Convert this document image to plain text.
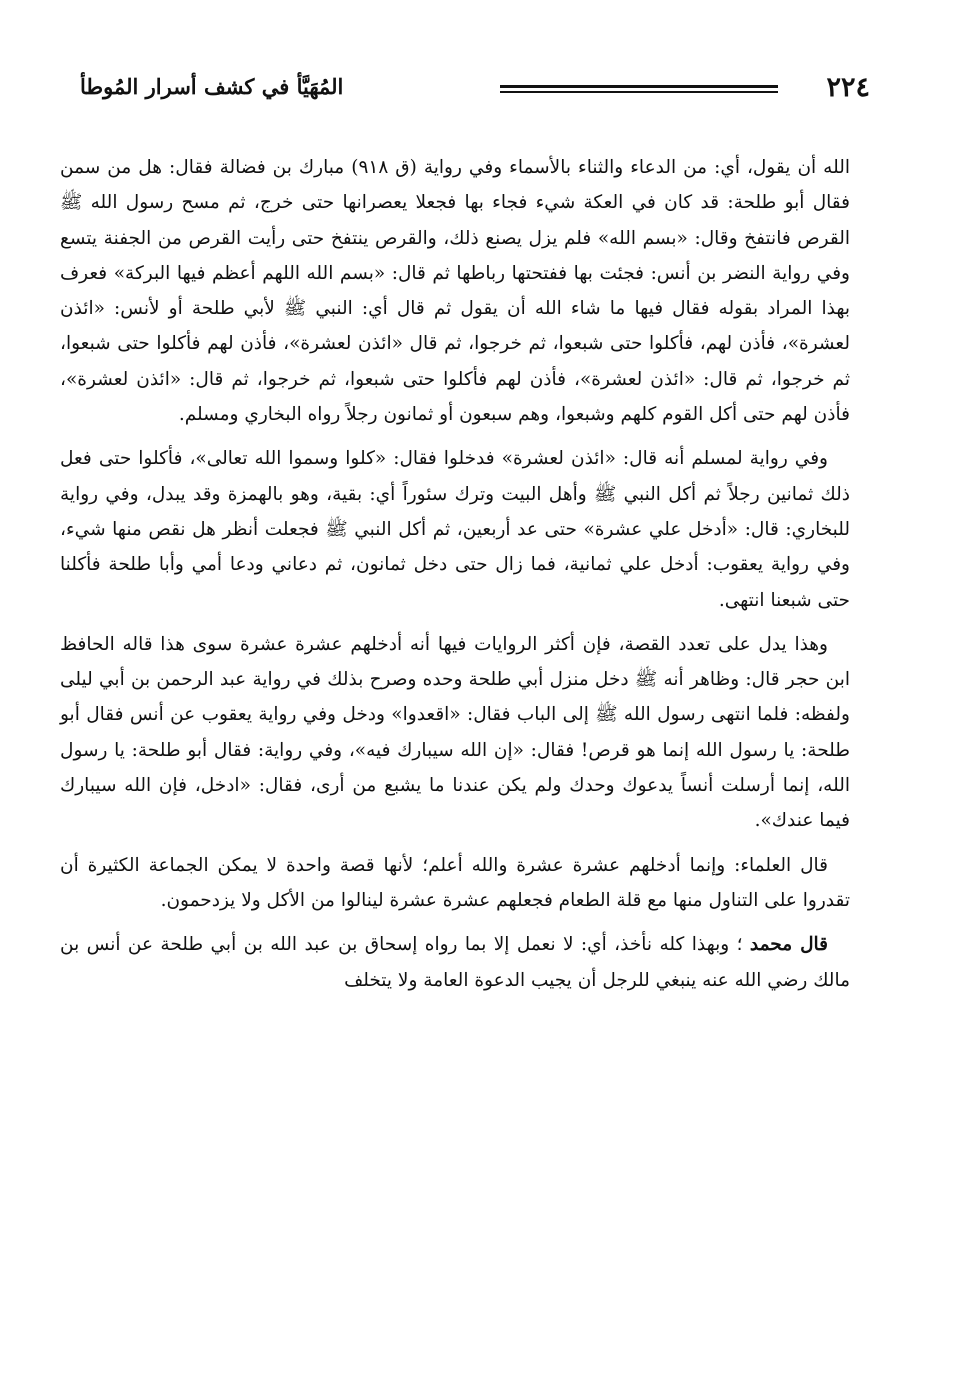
٢٢٤
المُهَيَّأ في كشف أسرار المُوطأ

الله أن يقول، أي: من الدعاء والثناء بالأسماء وفي رواية (ق ٩١٨) مبارك بن فضالة فقال: هل من سمن فقال أبو طلحة: قد كان في العكة شيء فجاء بها فجعلا يعصرانها حتى خرج، ثم مسح رسول الله ﷺ القرص فانتفخ وقال: «بسم الله» فلم يزل يصنع ذلك، والقرص ينتفخ حتى رأيت القرص من الجفنة يتسع وفي رواية النضر بن أنس: فجئت بها ففتحتها رباطها ثم قال: «بسم الله اللهم أعظم فيها البركة» فعرف بهذا المراد بقوله فقال فيها ما شاء الله أن يقول ثم قال أي: النبي ﷺ لأبي طلحة أو لأنس: «ائذن لعشرة»، فأذن لهم، فأكلوا حتى شبعوا، ثم خرجوا، ثم قال «ائذن لعشرة»، فأذن لهم فأكلوا حتى شبعوا، ثم خرجوا، ثم قال: «ائذن لعشرة»، فأذن لهم فأكلوا حتى شبعوا، ثم خرجوا، ثم قال: «ائذن لعشرة»، فأذن لهم حتى أكل القوم كلهم وشبعوا، وهم سبعون أو ثمانون رجلاً رواه البخاري ومسلم.

وفي رواية لمسلم أنه قال: «ائذن لعشرة» فدخلوا فقال: «كلوا وسموا الله تعالى»، فأكلوا حتى فعل ذلك ثمانين رجلاً ثم أكل النبي ﷺ وأهل البيت وترك سئوراً أي: بقية، وهو بالهمزة وقد يبدل، وفي رواية للبخاري: قال: «أدخل علي عشرة» حتى عد أربعين، ثم أكل النبي ﷺ فجعلت أنظر هل نقص منها شيء، وفي رواية يعقوب: أدخل علي ثمانية، فما زال حتى دخل ثمانون، ثم دعاني ودعا أمي وأبا طلحة فأكلنا حتى شبعنا انتهى.

وهذا يدل على تعدد القصة، فإن أكثر الروايات فيها أنه أدخلهم عشرة عشرة سوى هذا قاله الحافظ ابن حجر قال: وظاهر أنه ﷺ دخل منزل أبي طلحة وحده وصرح بذلك في رواية عبد الرحمن بن أبي ليلى ولفظه: فلما انتهى رسول الله ﷺ إلى الباب فقال: «اقعدوا» ودخل وفي رواية يعقوب عن أنس فقال أبو طلحة: يا رسول الله إنما هو قرص! فقال: «إن الله سيبارك فيه»، وفي رواية: فقال أبو طلحة: يا رسول الله، إنما أرسلت أنساً يدعوك وحدك ولم يكن عندنا ما يشبع من أرى، فقال: «ادخل، فإن الله سيبارك فيما عندك».

قال العلماء: وإنما أدخلهم عشرة عشرة والله أعلم؛ لأنها قصة واحدة لا يمكن الجماعة الكثيرة أن تقدروا على التناول منها مع قلة الطعام فجعلهم عشرة عشرة لينالوا من الأكل ولا يزدحمون.

قال محمد ؛ وبهذا كله نأخذ، أي: لا نعمل إلا بما رواه إسحاق بن عبد الله بن أبي طلحة عن أنس بن مالك رضي الله عنه ينبغي للرجل أن يجيب الدعوة العامة ولا يتخلف
